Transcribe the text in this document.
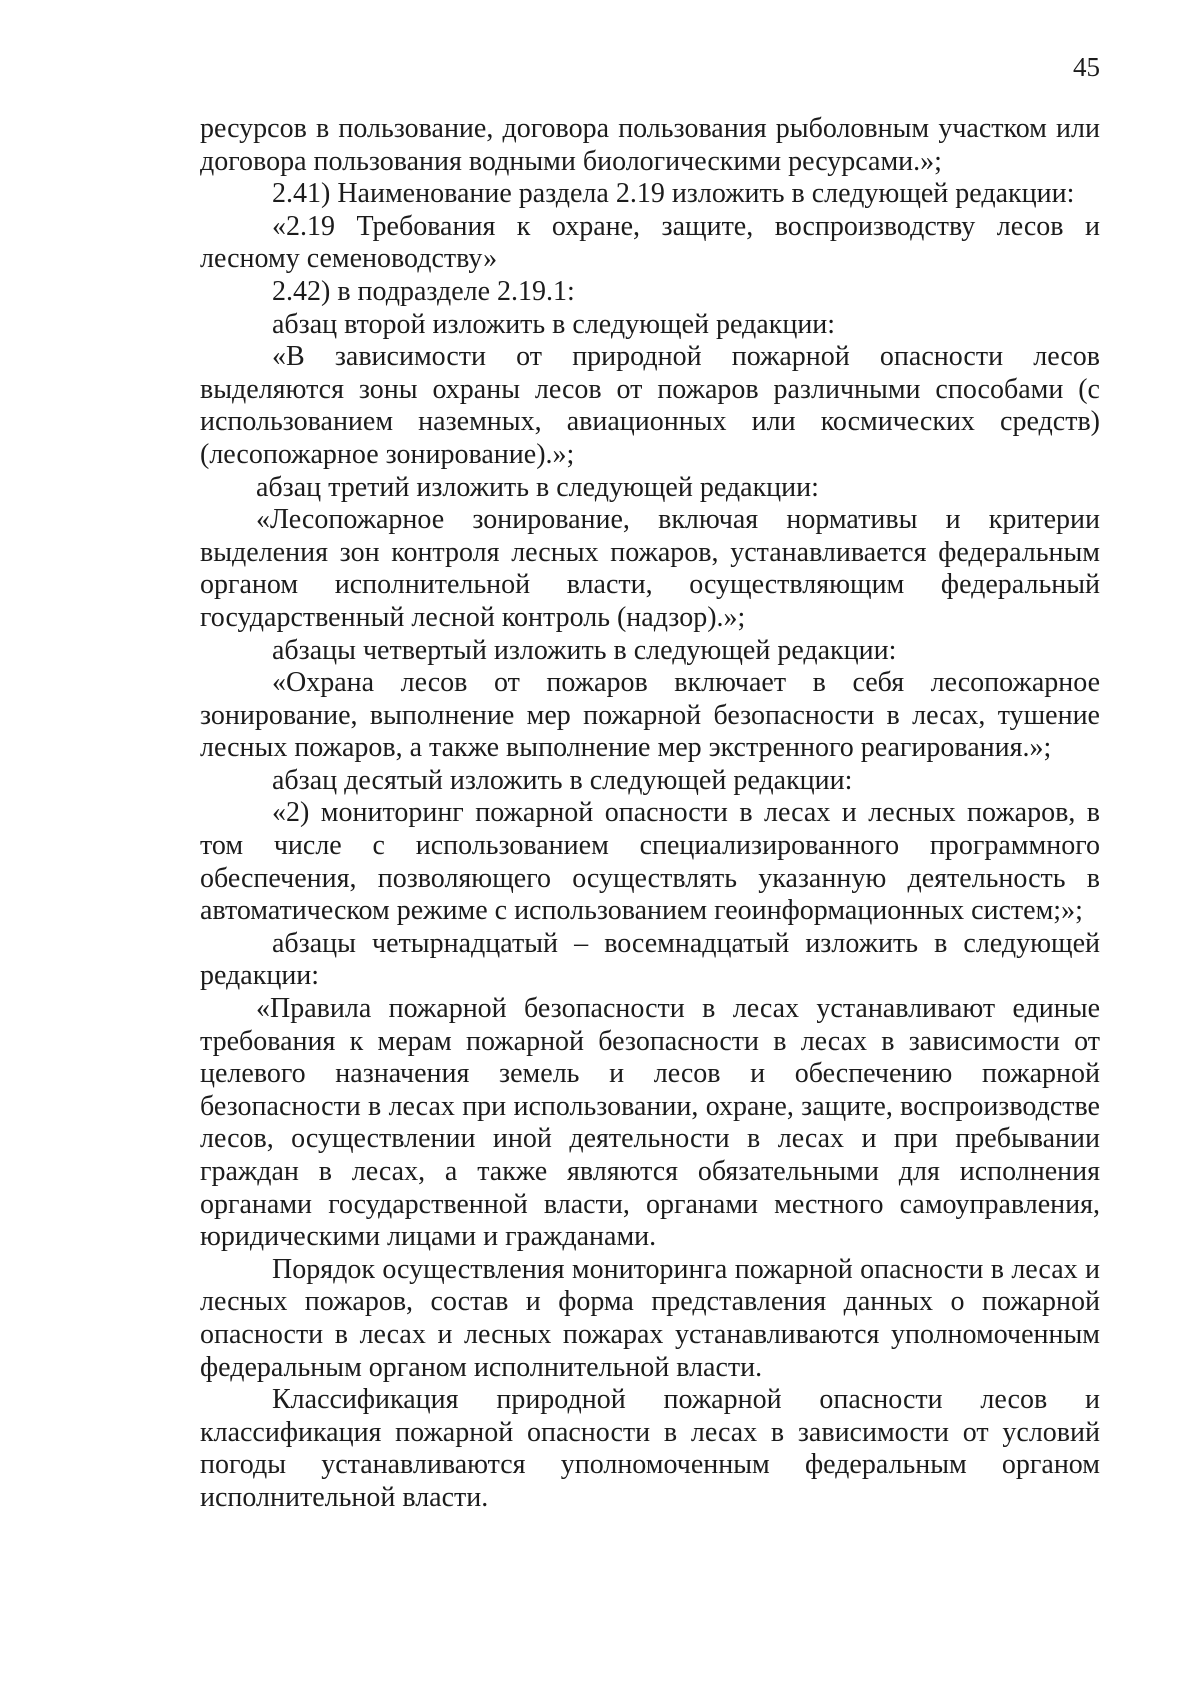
45

ресурсов в пользование, договора пользования рыболовным участком или договора пользования водными биологическими ресурсами.»;

2.41) Наименование раздела 2.19 изложить в следующей редакции:

«2.19 Требования к охране, защите, воспроизводству лесов и лесному семеноводству»

2.42) в подразделе 2.19.1:

абзац второй изложить в следующей редакции:

«В зависимости от природной пожарной опасности лесов выделяются зоны охраны лесов от пожаров различными способами (с использованием наземных, авиационных или космических средств) (лесопожарное зонирование).»;

абзац третий изложить в следующей редакции:

«Лесопожарное зонирование, включая нормативы и критерии выделения зон контроля лесных пожаров, устанавливается федеральным органом исполнительной власти, осуществляющим федеральный государственный лесной контроль (надзор).»;

абзацы четвертый изложить в следующей редакции:

«Охрана лесов от пожаров включает в себя лесопожарное зонирование, выполнение мер пожарной безопасности в лесах, тушение лесных пожаров, а также выполнение мер экстренного реагирования.»;

абзац десятый изложить в следующей редакции:

«2) мониторинг пожарной опасности в лесах и лесных пожаров, в том числе с использованием специализированного программного обеспечения, позволяющего осуществлять указанную деятельность в автоматическом режиме с использованием геоинформационных систем;»;

абзацы четырнадцатый – восемнадцатый изложить в следующей редакции:

«Правила пожарной безопасности в лесах устанавливают единые требования к мерам пожарной безопасности в лесах в зависимости от целевого назначения земель и лесов и обеспечению пожарной безопасности в лесах при использовании, охране, защите, воспроизводстве лесов, осуществлении иной деятельности в лесах и при пребывании граждан в лесах, а также являются обязательными для исполнения органами государственной власти, органами местного самоуправления, юридическими лицами и гражданами.

Порядок осуществления мониторинга пожарной опасности в лесах и лесных пожаров, состав и форма представления данных о пожарной опасности в лесах и лесных пожарах устанавливаются уполномоченным федеральным органом исполнительной власти.

Классификация природной пожарной опасности лесов и классификация пожарной опасности в лесах в зависимости от условий погоды устанавливаются уполномоченным федеральным органом исполнительной власти.
